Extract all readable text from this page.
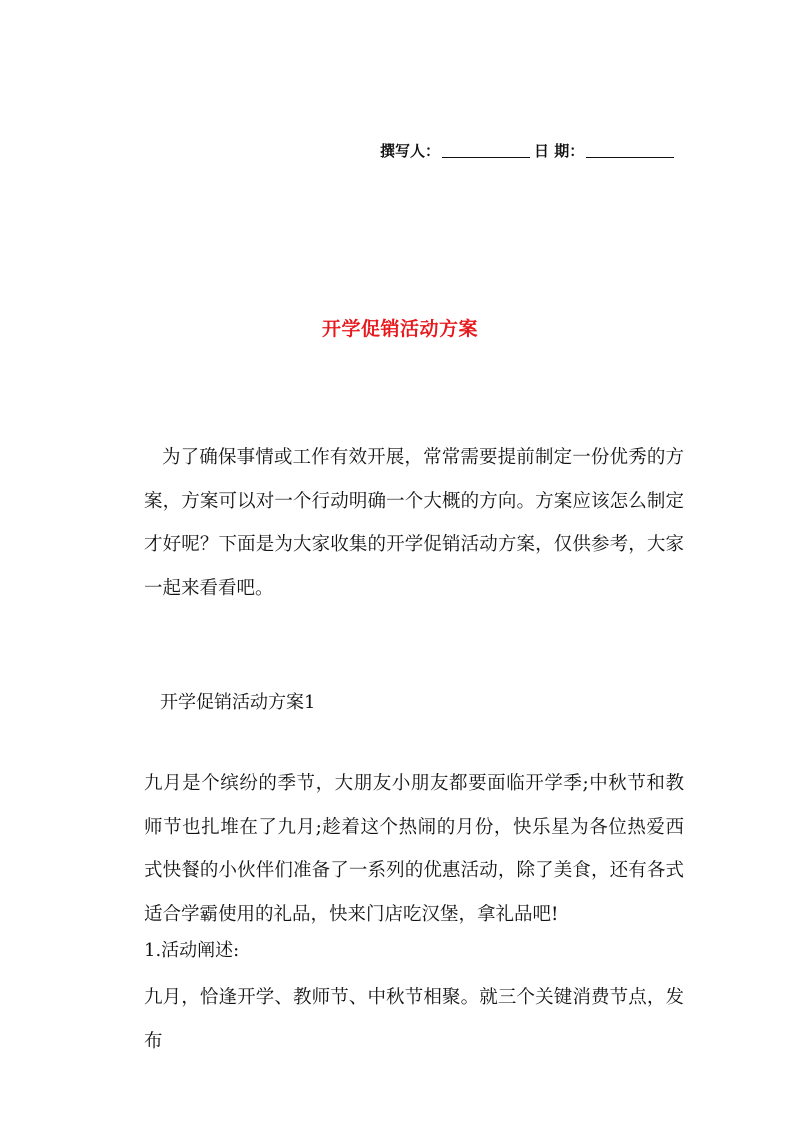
撰写人：	日 期：
开学促销活动方案

为了确保事情或工作有效开展，常常需要提前制定一份优秀的方案，方案可以对一个行动明确一个大概的方向。方案应该怎么制定才好呢？下面是为大家收集的开学促销活动方案，仅供参考，大家一起来看看吧。

开学促销活动方案1

九月是个缤纷的季节，大朋友小朋友都要面临开学季;中秋节和教师节也扎堆在了九月;趁着这个热闹的月份，快乐星为各位热爱西式快餐的小伙伴们准备了一系列的优惠活动，除了美食，还有各式适合学霸使用的礼品，快来门店吃汉堡，拿礼品吧!

1.活动阐述:

九月，恰逢开学、教师节、中秋节相聚。就三个关键消费节点，发布
